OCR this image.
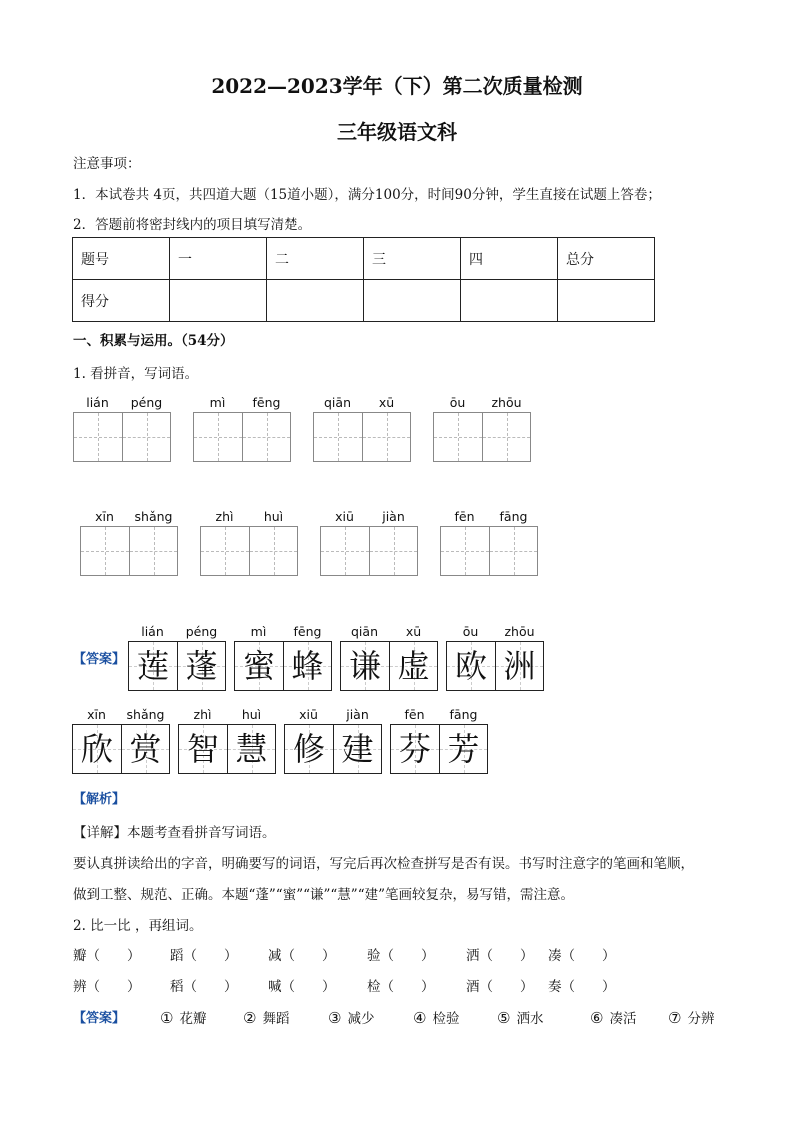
2022—2023学年（下）第二次质量检测
三年级语文科
注意事项：
1．本试卷共 4页，共四道大题（15道小题），满分100分，时间90分钟，学生直接在试题上答卷；
2．答题前将密封线内的项目填写清楚。
题号	一	二	三	四	总分
得分					
一、积累与运用。（54分）
1. 看拼音，写词语。
lián	péng	mì	fēng	qiān	xū	ōu	zhōu
xīn	shǎng	zhì	huì	xiū	jiàn	fēn	fāng
【答案】
lián	péng
莲 蓬
mì	fēng
蜜 蜂
qiān	xū
谦 虚
ōu	zhōu
欧 洲
xīn	shǎng
欣 赏
zhì	huì
智 慧
xiū	jiàn
修 建
fēn	fāng
芬 芳
【解析】
【详解】本题考查看拼音写词语。
要认真拼读给出的字音，明确要写的词语，写完后再次检查拼写是否有误。书写时注意字的笔画和笔顺，
做到工整、规范、正确。本题“蓬”“蜜”“谦”“慧”“建”笔画较复杂，易写错，需注意。
2. 比一比 ，再组词。
瓣（　　） 蹈（　　） 减（　　） 验（　　） 洒（　　） 凑（　　）
辨（　　） 稻（　　） 喊（　　） 检（　　） 酒（　　） 奏（　　）
【答案】 ① 花瓣 ② 舞蹈	③ 减少	④ 检验	⑤ 洒水	⑥ 凑活 ⑦ 分辨
